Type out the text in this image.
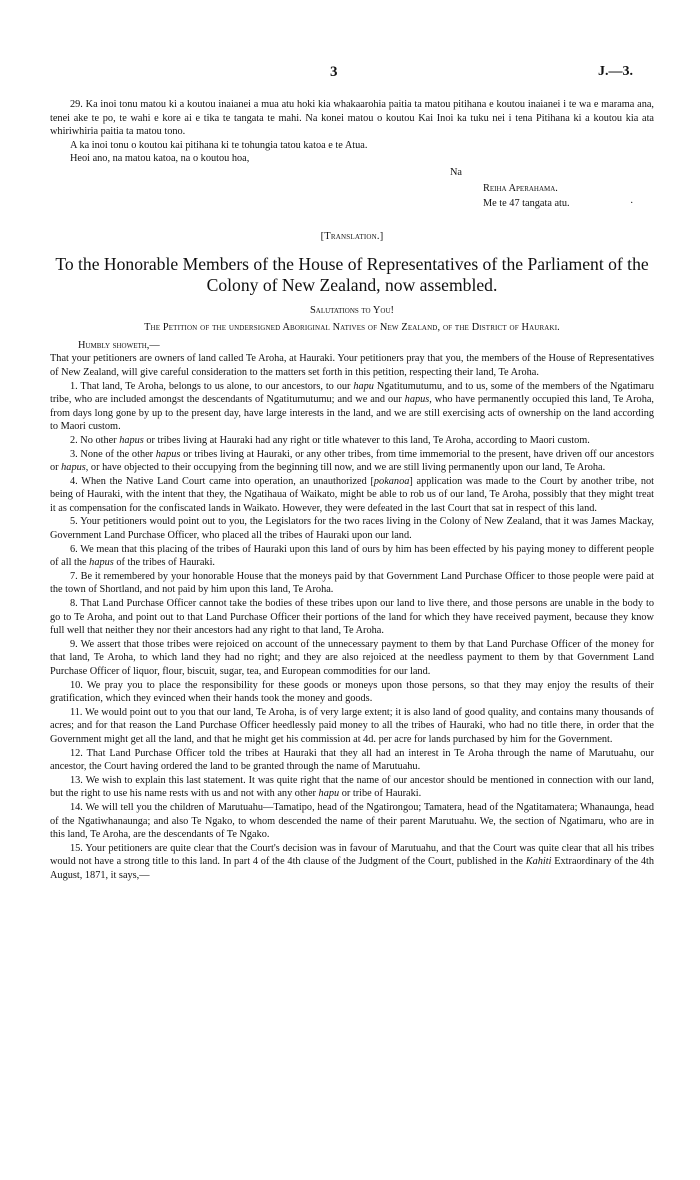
3	J.—3.

29. Ka inoi tonu matou ki a koutou inaianei a mua atu hoki kia whakaarohia paitia ta matou pitihana e koutou inaianei i te wa e marama ana, tenei ake te po, te wahi e kore ai e tika te tangata te mahi. Na konei matou o koutou Kai Inoi ka tuku nei i tena Pitihana ki a koutou kia ata whiriwhiria paitia ta matou tono.

A ka inoi tonu o koutou kai pitihana ki te tohungia tatou katoa e te Atua.

Heoi ano, na matou katoa, na o koutou hoa,

Na
Reiha Aperahama.
Me te 47 tangata atu.	·

[Translation.]

To the Honorable Members of the House of Representatives of the Parliament of the Colony of New Zealand, now assembled.

Salutations to You!

The Petition of the undersigned Aboriginal Natives of New Zealand, of the District of Hauraki.

Humbly showeth,—

That your petitioners are owners of land called Te Aroha, at Hauraki. Your petitioners pray that you, the members of the House of Representatives of New Zealand, will give careful consideration to the matters set forth in this petition, respecting their land, Te Aroha.

1. That land, Te Aroha, belongs to us alone, to our ancestors, to our hapu Ngatitumutumu, and to us, some of the members of the Ngatimaru tribe, who are included amongst the descendants of Ngatitumutumu; and we and our hapus, who have permanently occupied this land, Te Aroha, from days long gone by up to the present day, have large interests in the land, and we are still exercising acts of ownership on the land according to Maori custom.

2. No other hapus or tribes living at Hauraki had any right or title whatever to this land, Te Aroha, according to Maori custom.

3. None of the other hapus or tribes living at Hauraki, or any other tribes, from time immemorial to the present, have driven off our ancestors or hapus, or have objected to their occupying from the beginning till now, and we are still living permanently upon our land, Te Aroha.

4. When the Native Land Court came into operation, an unauthorized [pokanoa] application was made to the Court by another tribe, not being of Hauraki, with the intent that they, the Ngatihaua of Waikato, might be able to rob us of our land, Te Aroha, possibly that they might treat it as compensation for the confiscated lands in Waikato. However, they were defeated in the last Court that sat in respect of this land.

5. Your petitioners would point out to you, the Legislators for the two races living in the Colony of New Zealand, that it was James Mackay, Government Land Purchase Officer, who placed all the tribes of Hauraki upon our land.

6. We mean that this placing of the tribes of Hauraki upon this land of ours by him has been effected by his paying money to different people of all the hapus of the tribes of Hauraki.

7. Be it remembered by your honorable House that the moneys paid by that Government Land Purchase Officer to those people were paid at the town of Shortland, and not paid by him upon this land, Te Aroha.

8. That Land Purchase Officer cannot take the bodies of these tribes upon our land to live there, and those persons are unable in the body to go to Te Aroha, and point out to that Land Purchase Officer their portions of the land for which they have received payment, because they know full well that neither they nor their ancestors had any right to that land, Te Aroha.

9. We assert that those tribes were rejoiced on account of the unnecessary payment to them by that Land Purchase Officer of the money for that land, Te Aroha, to which land they had no right; and they are also rejoiced at the needless payment to them by that Government Land Purchase Officer of liquor, flour, biscuit, sugar, tea, and European commodities for our land.

10. We pray you to place the responsibility for these goods or moneys upon those persons, so that they may enjoy the results of their gratification, which they evinced when their hands took the money and goods.

11. We would point out to you that our land, Te Aroha, is of very large extent; it is also land of good quality, and contains many thousands of acres; and for that reason the Land Purchase Officer heedlessly paid money to all the tribes of Hauraki, who had no title there, in order that the Government might get all the land, and that he might get his commission at 4d. per acre for lands purchased by him for the Government.

12. That Land Purchase Officer told the tribes at Hauraki that they all had an interest in Te Aroha through the name of Marutuahu, our ancestor, the Court having ordered the land to be granted through the name of Marutuahu.

13. We wish to explain this last statement. It was quite right that the name of our ancestor should be mentioned in connection with our land, but the right to use his name rests with us and not with any other hapu or tribe of Hauraki.

14. We will tell you the children of Marutuahu—Tamatipo, head of the Ngatirongou; Tamatera, head of the Ngatitamatera; Whanaunga, head of the Ngatiwhanaunga; and also Te Ngako, to whom descended the name of their parent Marutuahu. We, the section of Ngatimaru, who are in this land, Te Aroha, are the descendants of Te Ngako.

15. Your petitioners are quite clear that the Court's decision was in favour of Marutuahu, and that the Court was quite clear that all his tribes would not have a strong title to this land. In part 4 of the 4th clause of the Judgment of the Court, published in the Kahiti Extraordinary of the 4th August, 1871, it says,—
